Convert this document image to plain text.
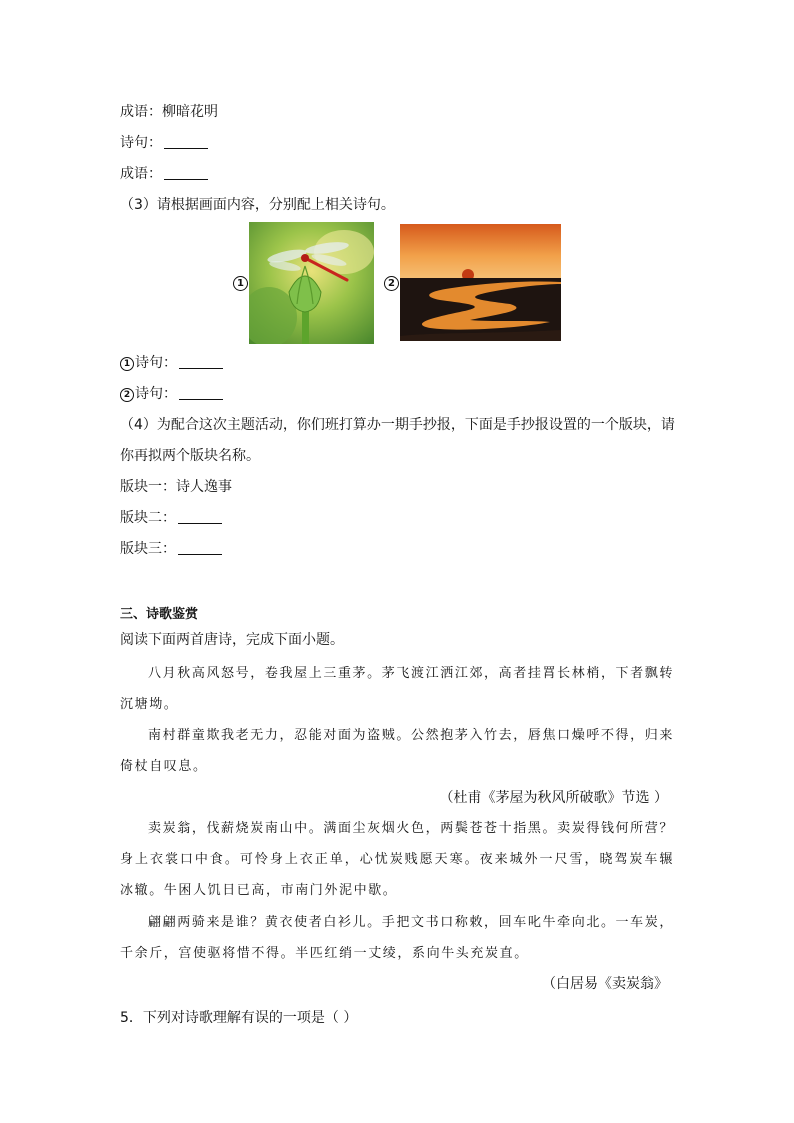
成语：柳暗花明
诗句：
成语：
（3）请根据画面内容，分别配上相关诗句。
1	2
1 诗句：
2 诗句：
（4）为配合这次主题活动，你们班打算办一期手抄报，下面是手抄报设置的一个版块，请
你再拟两个版块名称。
版块一：诗人逸事
版块二：
版块三：
三、诗歌鉴赏
阅读下面两首唐诗，完成下面小题。
八月秋高风怒号，卷我屋上三重茅。茅飞渡江洒江郊，高者挂罥长林梢，下者飘转沉塘坳。
南村群童欺我老无力，忍能对面为盗贼。公然抱茅入竹去，唇焦口燥呼不得，归来倚杖自叹息。
（杜甫《茅屋为秋风所破歌》节选 ）
卖炭翁，伐薪烧炭南山中。满面尘灰烟火色，两鬓苍苍十指黑。卖炭得钱何所营？身上衣裳口中食。可怜身上衣正单，心忧炭贱愿天寒。夜来城外一尺雪，晓驾炭车辗冰辙。牛困人饥日已高，市南门外泥中歇。
翩翩两骑来是谁？黄衣使者白衫儿。手把文书口称敕，回车叱牛牵向北。一车炭，千余斤，宫使驱将惜不得。半匹红绡一丈绫，系向牛头充炭直。
（白居易《卖炭翁》
5．下列对诗歌理解有误的一项是（ ）
